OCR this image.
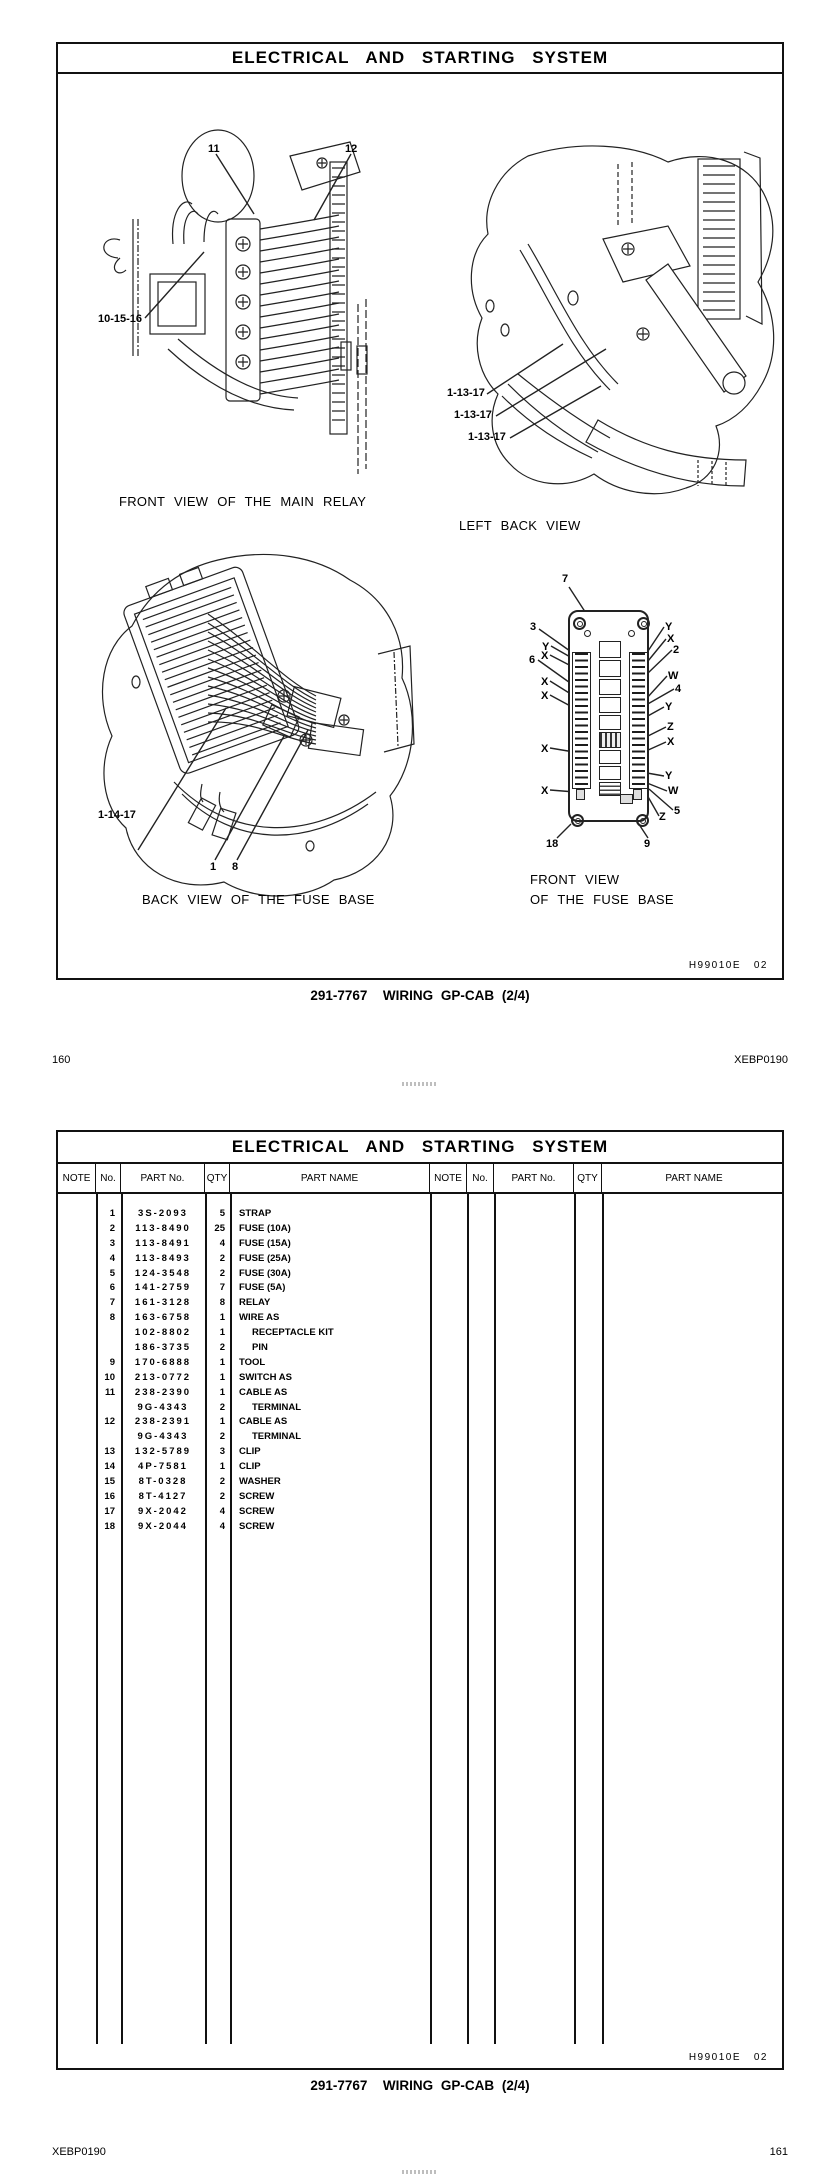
ELECTRICAL AND STARTING SYSTEM
11	12
10-15-16
FRONT VIEW OF THE MAIN RELAY
1-13-17
1-13-17
1-13-17
LEFT BACK VIEW
1-14-17
1 8
BACK VIEW OF THE FUSE BASE
7
3
Y
X
6
X
X
X
X
Y
X
2
W
4
Y
Z
X
Y
W
5
Z
18	9
FRONT VIEW
OF THE FUSE BASE
H99010E   02
291-7767  WIRING GP-CAB (2/4)
160	XEBP0190
ELECTRICAL AND STARTING SYSTEM
NOTE No.	PART No.	QTY	PART NAME	NOTE	No.	PART No.	QTY	PART NAME
1	3S-2093	5	STRAP
2	113-8490	25	FUSE (10A)
3	113-8491	4	FUSE (15A)
4	113-8493	2	FUSE (25A)
5	124-3548	2	FUSE (30A)
6	141-2759	7	FUSE (5A)
7	161-3128	8	RELAY
8	163-6758	1	WIRE AS
102-8802	1	RECEPTACLE KIT
186-3735	2	PIN
9	170-6888	1	TOOL
10	213-0772	1	SWITCH AS
11	238-2390	1	CABLE AS
9G-4343	2	TERMINAL
12	238-2391	1	CABLE AS
9G-4343	2	TERMINAL
13	132-5789	3	CLIP
14	4P-7581	1	CLIP
15	8T-0328	2	WASHER
16	8T-4127	2	SCREW
17	9X-2042	4	SCREW
18	9X-2044	4	SCREW
H99010E   02
291-7767  WIRING GP-CAB (2/4)
XEBP0190	161
